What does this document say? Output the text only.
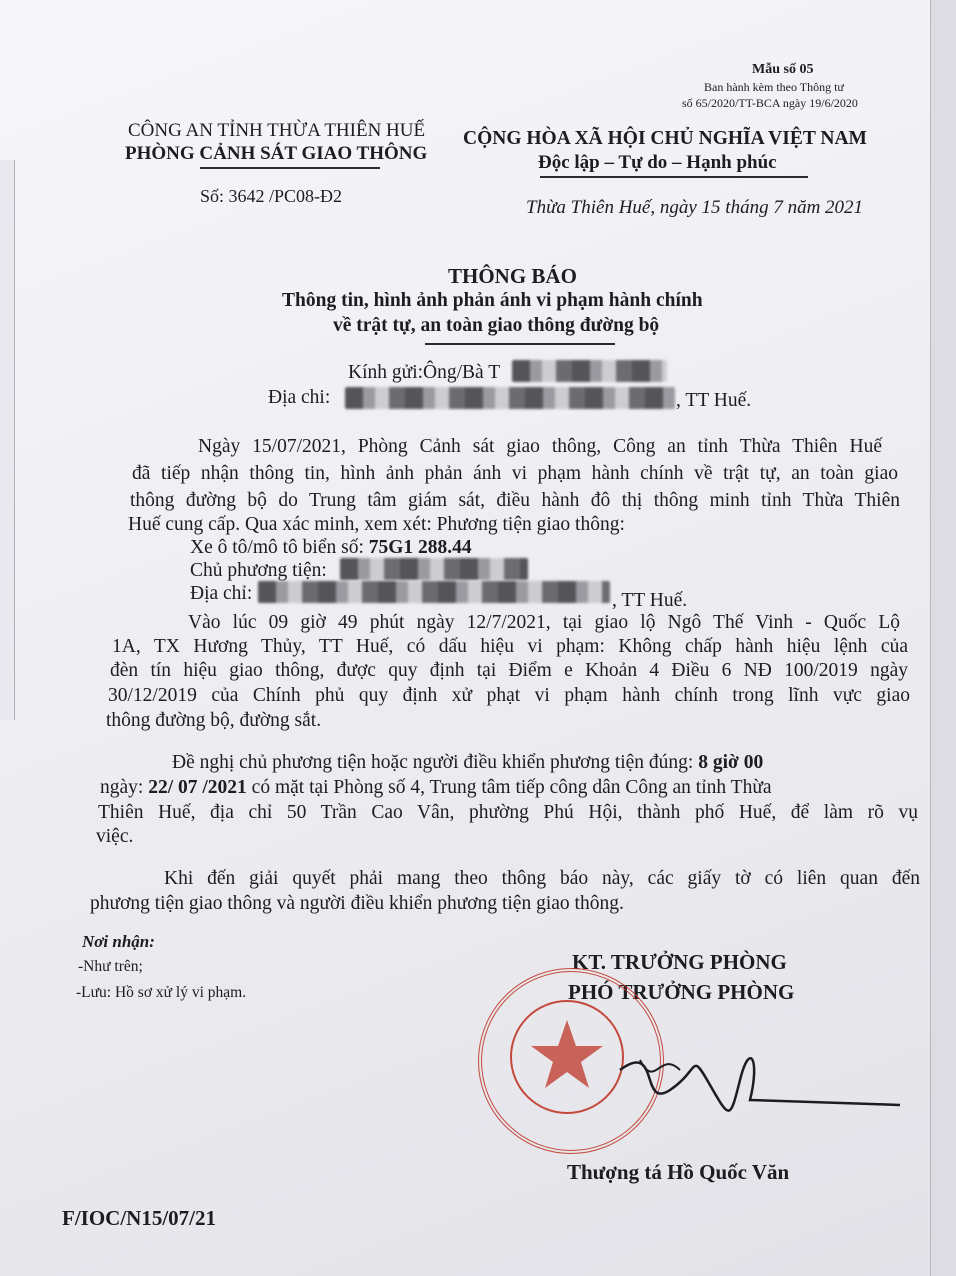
Mẫu số 05
Ban hành kèm theo Thông tư
số 65/2020/TT-BCA ngày 19/6/2020
CÔNG AN TỈNH THỪA THIÊN HUẾ
PHÒNG CẢNH SÁT GIAO THÔNG
Số: 3642 /PC08-Đ2
CỘNG HÒA XÃ HỘI CHỦ NGHĨA VIỆT NAM
Độc lập – Tự do – Hạnh phúc
Thừa Thiên Huế, ngày 15 tháng 7 năm 2021
THÔNG BÁO
Thông tin, hình ảnh phản ánh vi phạm hành chính
về trật tự, an toàn giao thông đường bộ
Kính gửi:Ông/Bà T
Địa chi:	, TT Huế.
Ngày 15/07/2021, Phòng Cảnh sát giao thông, Công an tỉnh Thừa Thiên Huế
đã tiếp nhận thông tin, hình ảnh phản ánh vi phạm hành chính về trật tự, an toàn giao
thông đường bộ do Trung tâm giám sát, điều hành đô thị thông minh tỉnh Thừa Thiên
Huế cung cấp. Qua xác minh, xem xét: Phương tiện giao thông:
Xe ô tô/mô tô biển số: 75G1 288.44
Chủ phương tiện:
Địa chỉ:	, TT Huế.
Vào lúc 09 giờ 49 phút ngày 12/7/2021, tại giao lộ Ngô Thế Vinh - Quốc Lộ
1A, TX Hương Thủy, TT Huế, có dấu hiệu vi phạm: Không chấp hành hiệu lệnh của
đèn tín hiệu giao thông, được quy định tại Điểm e Khoản 4 Điều 6 NĐ 100/2019 ngày
30/12/2019 của Chính phủ quy định xử phạt vi phạm hành chính trong lĩnh vực giao
thông đường bộ, đường sắt.
Đề nghị chủ phương tiện hoặc người điều khiển phương tiện đúng: 8 giờ 00
ngày: 22/ 07 /2021 có mặt tại Phòng số 4, Trung tâm tiếp công dân Công an tỉnh Thừa
Thiên Huế, địa chỉ 50 Trần Cao Vân, phường Phú Hội, thành phố Huế, để làm rõ vụ
việc.
Khi đến giải quyết phải mang theo thông báo này, các giấy tờ có liên quan đến
phương tiện giao thông và người điều khiển phương tiện giao thông.
Nơi nhận:
-Như trên;
-Lưu: Hồ sơ xử lý vi phạm.
KT. TRƯỞNG PHÒNG
PHÓ TRƯỞNG PHÒNG
Thượng tá Hồ Quốc Văn
F/IOC/N15/07/21
